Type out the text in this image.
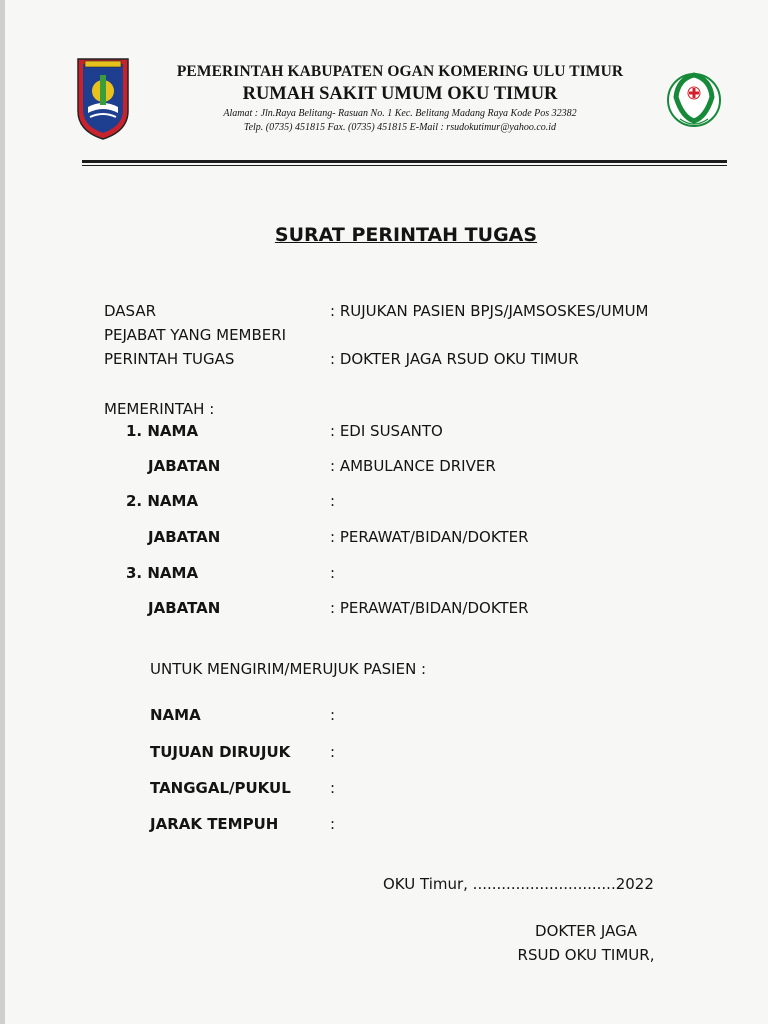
PEMERINTAH KABUPATEN OGAN KOMERING ULU TIMUR
RUMAH SAKIT UMUM OKU TIMUR
Alamat : Jln.Raya Belitang- Rasuan No. 1 Kec. Belitang Madang Raya Kode Pos 32382
Telp. (0735) 451815 Fax. (0735) 451815 E-Mail : rsudokutimur@yahoo.co.id
SURAT PERINTAH TUGAS
DASAR	: RUJUKAN PASIEN BPJS/JAMSOSKES/UMUM
PEJABAT YANG MEMBERI
PERINTAH TUGAS	: DOKTER JAGA RSUD OKU TIMUR
MEMERINTAH :
1. NAMA	: EDI SUSANTO
JABATAN	: AMBULANCE DRIVER
2. NAMA	:
JABATAN	: PERAWAT/BIDAN/DOKTER
3. NAMA	:
JABATAN	: PERAWAT/BIDAN/DOKTER
UNTUK MENGIRIM/MERUJUK PASIEN :
NAMA	:
TUJUAN DIRUJUK	:
TANGGAL/PUKUL	:
JARAK TEMPUH	:
OKU Timur, ..............................2022
DOKTER JAGA
RSUD OKU TIMUR,
